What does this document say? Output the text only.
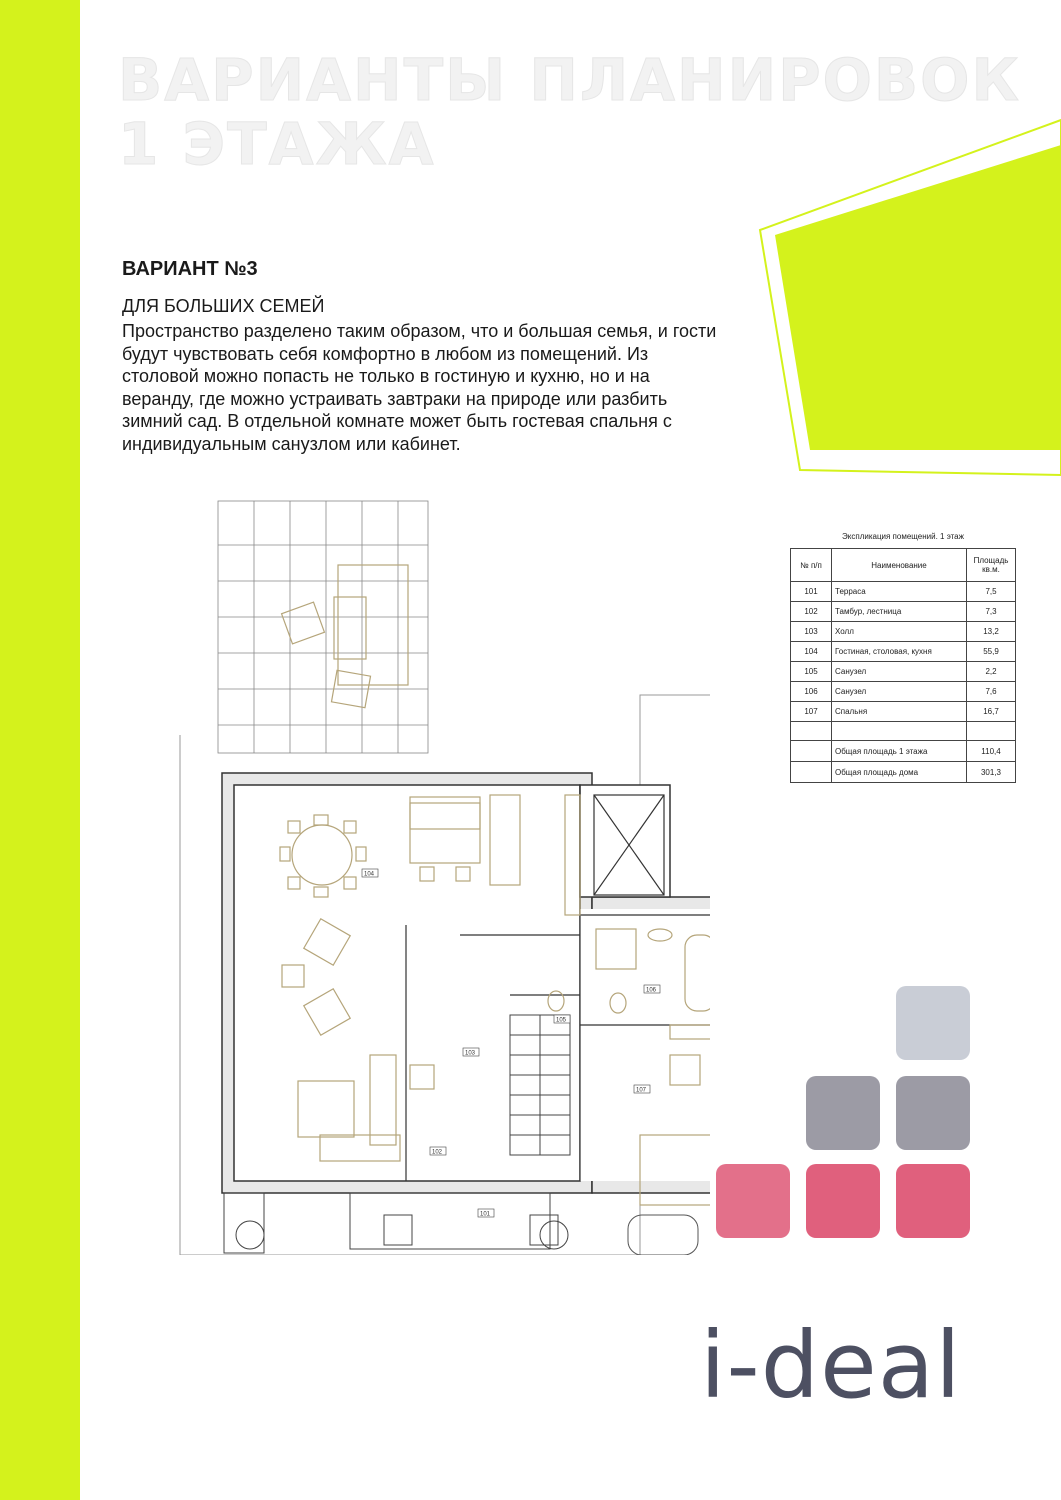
ВАРИАНТЫ ПЛАНИРОВОК
1 ЭТАЖА
ВАРИАНТ №3

ДЛЯ БОЛЬШИХ СЕМЕЙ

Пространство разделено таким образом, что и большая семья, и гости будут чувствовать себя комфортно в любом из помещений. Из столовой можно попасть не только в гостиную и кухню, но и на веранду, где можно устраивать завтраки на природе или разбить зимний сад. В отдельной комнате может быть гостевая спальня с индивидуальным санузлом или кабинет.

104
103
105
106
107
102
101
Экспликация помещений. 1 этаж
№ п/п	Наименование	Площадь кв.м.
101	Терраса	7,5
102	Тамбур, лестница	7,3
103	Холл	13,2
104	Гостиная, столовая, кухня	55,9
105	Санузел	2,2
106	Санузел	7,6
107	Спальня	16,7

	Общая площадь 1 этажа	110,4
	Общая площадь дома	301,3

i-deal
